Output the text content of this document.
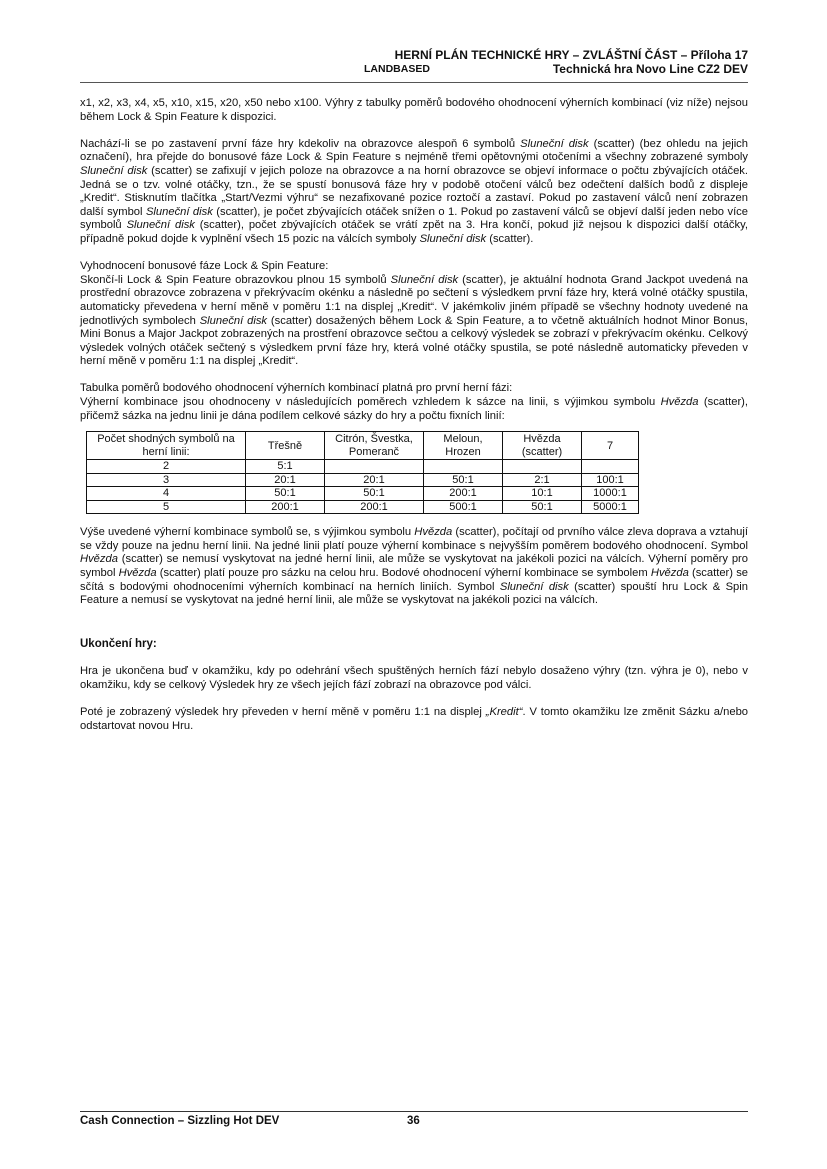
HERNÍ PLÁN TECHNICKÉ HRY – ZVLÁŠTNÍ ČÁST – Příloha 17
LANDBASED	Technická hra Novo Line CZ2 DEV

x1, x2, x3, x4, x5, x10, x15, x20, x50 nebo x100. Výhry z tabulky poměrů bodového ohodnocení výherních kombinací (viz níže) nejsou během Lock & Spin Feature k dispozici.

Nachází-li se po zastavení první fáze hry kdekoliv na obrazovce alespoň 6 symbolů Sluneční disk (scatter) (bez ohledu na jejich označení), hra přejde do bonusové fáze Lock & Spin Feature s nejméně třemi opětovnými otočeními a všechny zobrazené symboly Sluneční disk (scatter) se zafixují v jejich poloze na obrazovce a na horní obrazovce se objeví informace o počtu zbývajících otáček. Jedná se o tzv. volné otáčky, tzn., že se spustí bonusová fáze hry v podobě otočení válců bez odečtení dalších bodů z displeje „Kredit“. Stisknutím tlačítka „Start/Vezmi výhru“ se nezafixované pozice roztočí a zastaví. Pokud po zastavení válců není zobrazen další symbol Sluneční disk (scatter), je počet zbývajících otáček snížen o 1. Pokud po zastavení válců se objeví další jeden nebo více symbolů Sluneční disk (scatter), počet zbývajících otáček se vrátí zpět na 3. Hra končí, pokud již nejsou k dispozici další otáčky, případně pokud dojde k vyplnění všech 15 pozic na válcích symboly Sluneční disk (scatter).

Vyhodnocení bonusové fáze Lock & Spin Feature:
Skončí-li Lock & Spin Feature obrazovkou plnou 15 symbolů Sluneční disk (scatter), je aktuální hodnota Grand Jackpot uvedená na prostřední obrazovce zobrazena v překrývacím okénku a následně po sečtení s výsledkem první fáze hry, která volné otáčky spustila, automaticky převedena v herní měně v poměru 1:1 na displej „Kredit“. V jakémkoliv jiném případě se všechny hodnoty uvedené na jednotlivých symbolech Sluneční disk (scatter) dosažených během Lock & Spin Feature, a to včetně aktuálních hodnot Minor Bonus, Mini Bonus a Major Jackpot zobrazených na prostření obrazovce sečtou a celkový výsledek se zobrazí v překrývacím okénku. Celkový výsledek volných otáček sečtený s výsledkem první fáze hry, která volné otáčky spustila, se poté následně automaticky převeden v herní měně v poměru 1:1 na displej „Kredit“.

Tabulka poměrů bodového ohodnocení výherních kombinací platná pro první herní fázi:
Výherní kombinace jsou ohodnoceny v následujících poměrech vzhledem k sázce na linii, s výjimkou symbolu Hvězda (scatter), přičemž sázka na jednu linii je dána podílem celkové sázky do hry a počtu fixních linií:

Počet shodných symbolů na herní linii:	Třešně	Citrón, Švestka, Pomeranč	Meloun, Hrozen	Hvězda (scatter)	7
2	5:1				
3	20:1	20:1	50:1	2:1	100:1
4	50:1	50:1	200:1	10:1	1000:1
5	200:1	200:1	500:1	50:1	5000:1

Výše uvedené výherní kombinace symbolů se, s výjimkou symbolu Hvězda (scatter), počítají od prvního válce zleva doprava a vztahují se vždy pouze na jednu herní linii. Na jedné linii platí pouze výherní kombinace s nejvyšším poměrem bodového ohodnocení. Symbol Hvězda (scatter) se nemusí vyskytovat na jedné herní linii, ale může se vyskytovat na jakékoli pozici na válcích. Výherní poměry pro symbol Hvězda (scatter) platí pouze pro sázku na celou hru. Bodové ohodnocení výherní kombinace se symbolem Hvězda (scatter) se sčítá s bodovými ohodnoceními výherních kombinací na herních liniích. Symbol Sluneční disk (scatter) spouští hru Lock & Spin Feature a nemusí se vyskytovat na jedné herní linii, ale může se vyskytovat na jakékoli pozici na válcích.

Ukončení hry:

Hra je ukončena buď v okamžiku, kdy po odehrání všech spuštěných herních fází nebylo dosaženo výhry (tzn. výhra je 0), nebo v okamžiku, kdy se celkový Výsledek hry ze všech jejích fází zobrazí na obrazovce pod válci.

Poté je zobrazený výsledek hry převeden v herní měně v poměru 1:1 na displej „Kredit“. V tomto okamžiku lze změnit Sázku a/nebo odstartovat novou Hru.

Cash Connection – Sizzling Hot DEV	36
